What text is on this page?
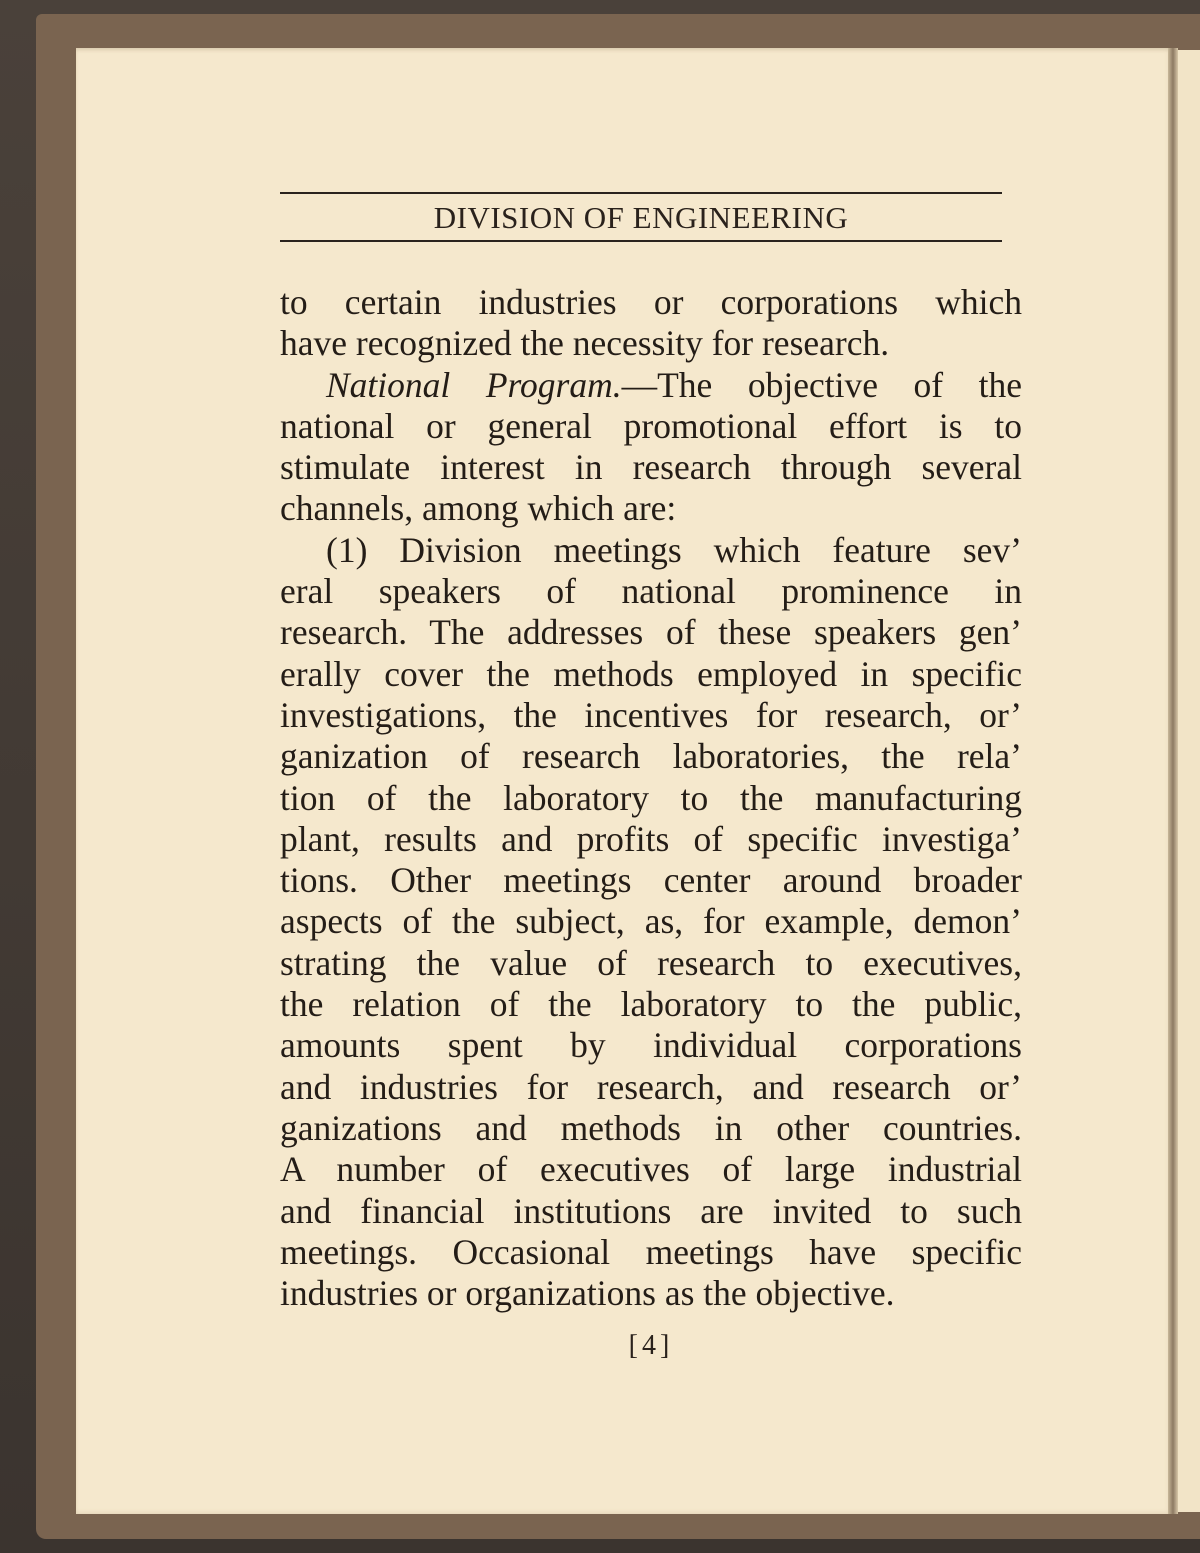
DIVISION OF ENGINEERING
to certain industries or corporations which
have recognized the necessity for research.
National Program.—The objective of the
national or general promotional effort is to
stimulate interest in research through several
channels, among which are:
(1) Division meetings which feature sev’
eral speakers of national prominence in
research. The addresses of these speakers gen’
erally cover the methods employed in specific
investigations, the incentives for research, or’
ganization of research laboratories, the rela’
tion of the laboratory to the manufacturing
plant, results and profits of specific investiga’
tions. Other meetings center around broader
aspects of the subject, as, for example, demon’
strating the value of research to executives,
the relation of the laboratory to the public,
amounts spent by individual corporations
and industries for research, and research or’
ganizations and methods in other countries.
A number of executives of large industrial
and financial institutions are invited to such
meetings. Occasional meetings have specific
industries or organizations as the objective.
[4]
